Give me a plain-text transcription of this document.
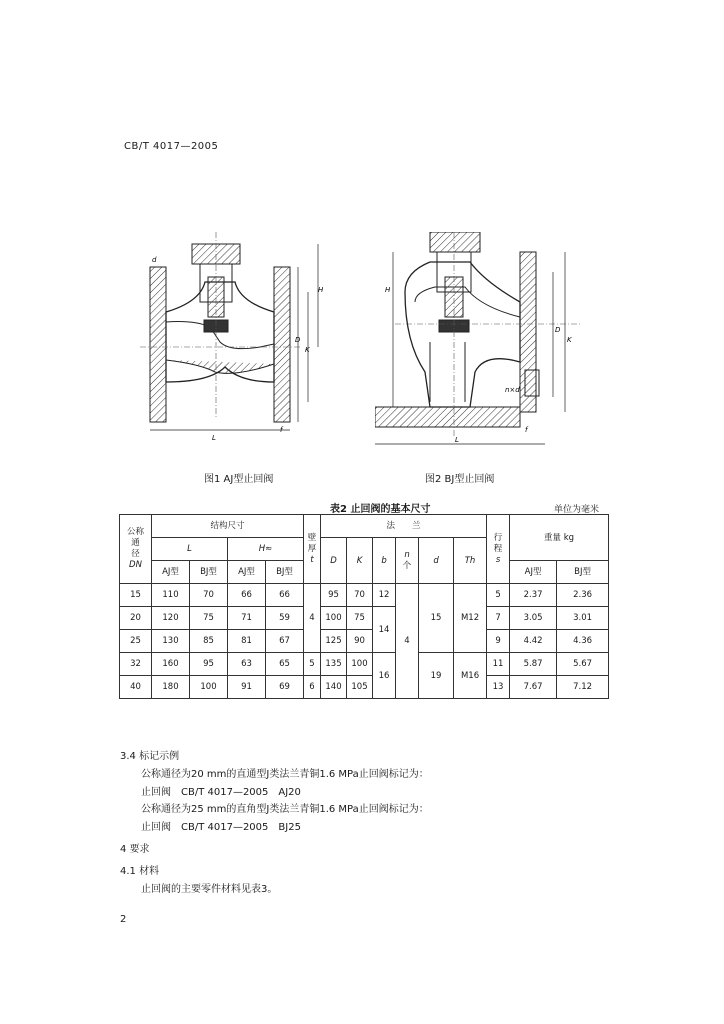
CB/T 4017—2005
H
L
D
K
d
f
H
L
D
K
f
n×d
图1 AJ型止回阀	图2 BJ型止回阀
表2 止回阀的基本尺寸	单位为毫米
公称
通
径
DN	结构尺寸				壁
厚
t	法　　兰						行
程
s	重量 kg	
	L		H≈			D	K	b	n
个	d	Th			
	AJ型	BJ型	AJ型	BJ型									AJ型	BJ型
15	110	70	66	66	4	95	70	12	4	15	M12	5	2.37	2.36
20	120	75	71	59		100	75	14				7	3.05	3.01
25	130	85	81	67		125	90					9	4.42	4.36
32	160	95	63	65	5	135	100	16		19	M16	11	5.87	5.67
40	180	100	91	69	6	140	105					13	7.67	7.12
3.4 标记示例
公称通径为20 mm的直通型J类法兰青铜1.6 MPa止回阀标记为：
止回阀　CB/T 4017—2005　AJ20
公称通径为25 mm的直角型J类法兰青铜1.6 MPa止回阀标记为：
止回阀　CB/T 4017—2005　BJ25
4 要求
4.1 材料
止回阀的主要零件材料见表3。
2
